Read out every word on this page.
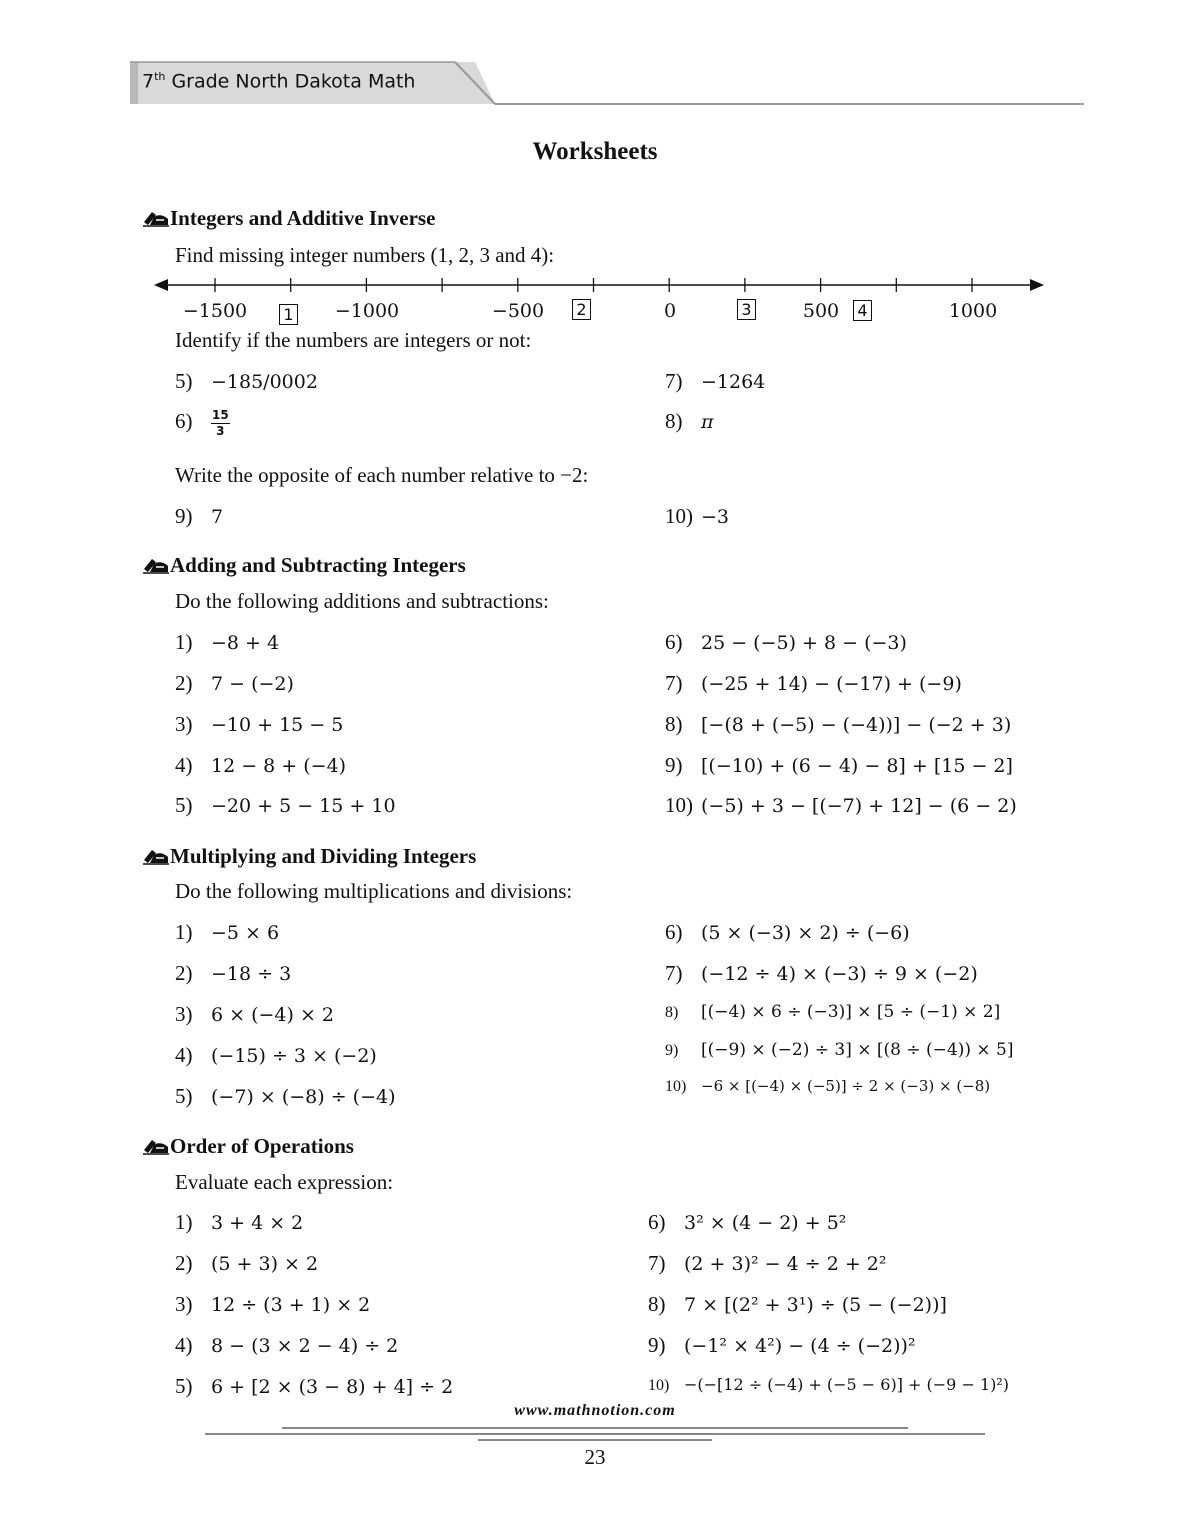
7th Grade North Dakota Math
Worksheets
Integers and Additive Inverse
Find missing integer numbers (1, 2, 3 and 4):
−1500	−1000	−500	0	500	1000
1	2	3	4
Identify if the numbers are integers or not:
5) −185/0002	7) −1264
$6) \frac{15}{3}$	8) π
Write the opposite of each number relative to −2:
9) 7	10) −3
Adding and Subtracting Integers
Do the following additions and subtractions:
1) −8 + 4	6) 25 − (−5) + 8 − (−3)
2) 7 − (−2)	7) (−25 + 14) − (−17) + (−9)
3) −10 + 15 − 5	8) [−(8 + (−5) − (−4))] − (−2 + 3)
4) 12 − 8 + (−4)	9) [(−10) + (6 − 4) − 8] + [15 − 2]
5) −20 + 5 − 15 + 10	10) (−5) + 3 − [(−7) + 12] − (6 − 2)
Multiplying and Dividing Integers
Do the following multiplications and divisions:
1) −5 × 6	6) (5 × (−3) × 2) ÷ (−6)
2) −18 ÷ 3	7) (−12 ÷ 4) × (−3) ÷ 9 × (−2)
3) 6 × (−4) × 2	8) [(−4) × 6 ÷ (−3)] × [5 ÷ (−1) × 2]
4) (−15) ÷ 3 × (−2)	9) [(−9) × (−2) ÷ 3] × [(8 ÷ (−4)) × 5]
5) (−7) × (−8) ÷ (−4)	10) −6 × [(−4) × (−5)] ÷ 2 × (−3) × (−8)
Order of Operations
Evaluate each expression:
1) 3 + 4 × 2	6) 3² × (4 − 2) + 5²
2) (5 + 3) × 2	7) (2 + 3)² − 4 ÷ 2 + 2²
3) 12 ÷ (3 + 1) × 2	8) 7 × [(2² + 3¹) ÷ (5 − (−2))]
4) 8 − (3 × 2 − 4) ÷ 2	9) (−1² × 4²) − (4 ÷ (−2))²
5) 6 + [2 × (3 − 8) + 4] ÷ 2	10) −(−[12 ÷ (−4) + (−5 − 6)] + (−9 − 1)²)
www.mathnotion.com
23
